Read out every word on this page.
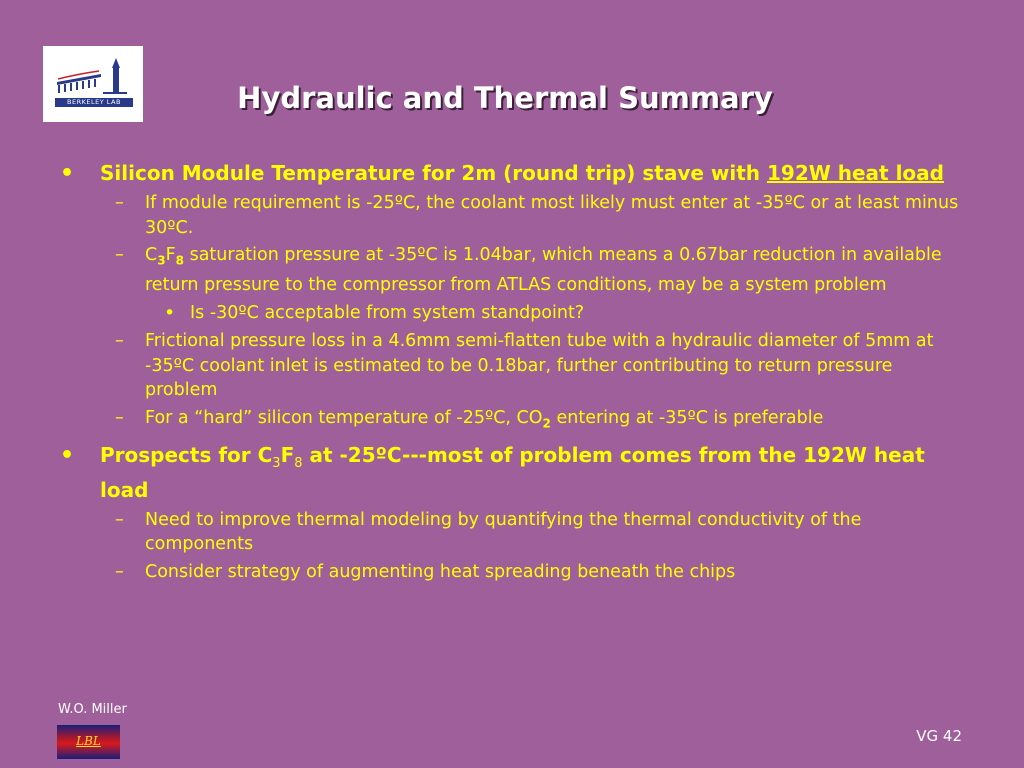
BERKELEY LAB	Hydraulic and Thermal Summary
• Silicon Module Temperature for 2m (round trip) stave with 192W heat load
– If module requirement is -25ºC, the coolant most likely must enter at -35ºC or at least minus 30ºC.
– $C_3F_8$ saturation pressure at -35ºC is 1.04bar, which means a 0.67bar reduction in available return pressure to the compressor from ATLAS conditions, may be a system problem
• Is -30ºC acceptable from system standpoint?
– Frictional pressure loss in a 4.6mm semi-flatten tube with a hydraulic diameter of 5mm at -35ºC coolant inlet is estimated to be 0.18bar, further contributing to return pressure problem
– For a “hard” silicon temperature of -25ºC, $CO_2$ entering at -35ºC is preferable
• Prospects for $C_3F_8$ at -25ºC---most of problem comes from the 192W heat load
– Need to improve thermal modeling by quantifying the thermal conductivity of the components
– Consider strategy of augmenting heat spreading beneath the chips
W.O. Miller
LBL	VG 42
